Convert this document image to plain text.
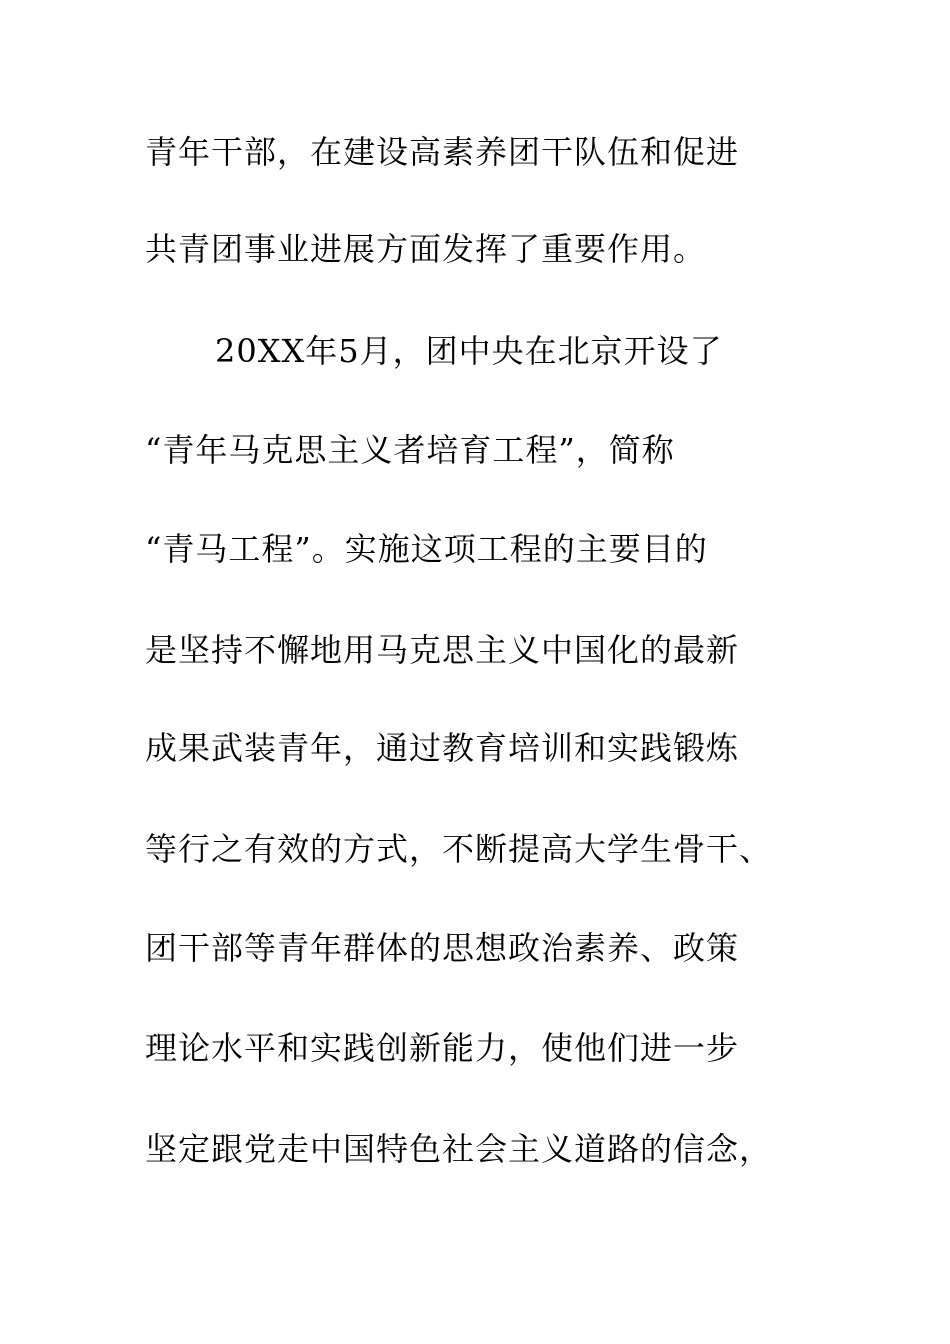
青年干部，在建设高素养团干队伍和促进
共青团事业进展方面发挥了重要作用。
20XX年5月，团中央在北京开设了
“青年马克思主义者培育工程”，简称
“青马工程”。实施这项工程的主要目的
是坚持不懈地用马克思主义中国化的最新
成果武装青年，通过教育培训和实践锻炼
等行之有效的方式，不断提高大学生骨干、
团干部等青年群体的思想政治素养、政策
理论水平和实践创新能力，使他们进一步
坚定跟党走中国特色社会主义道路的信念，
